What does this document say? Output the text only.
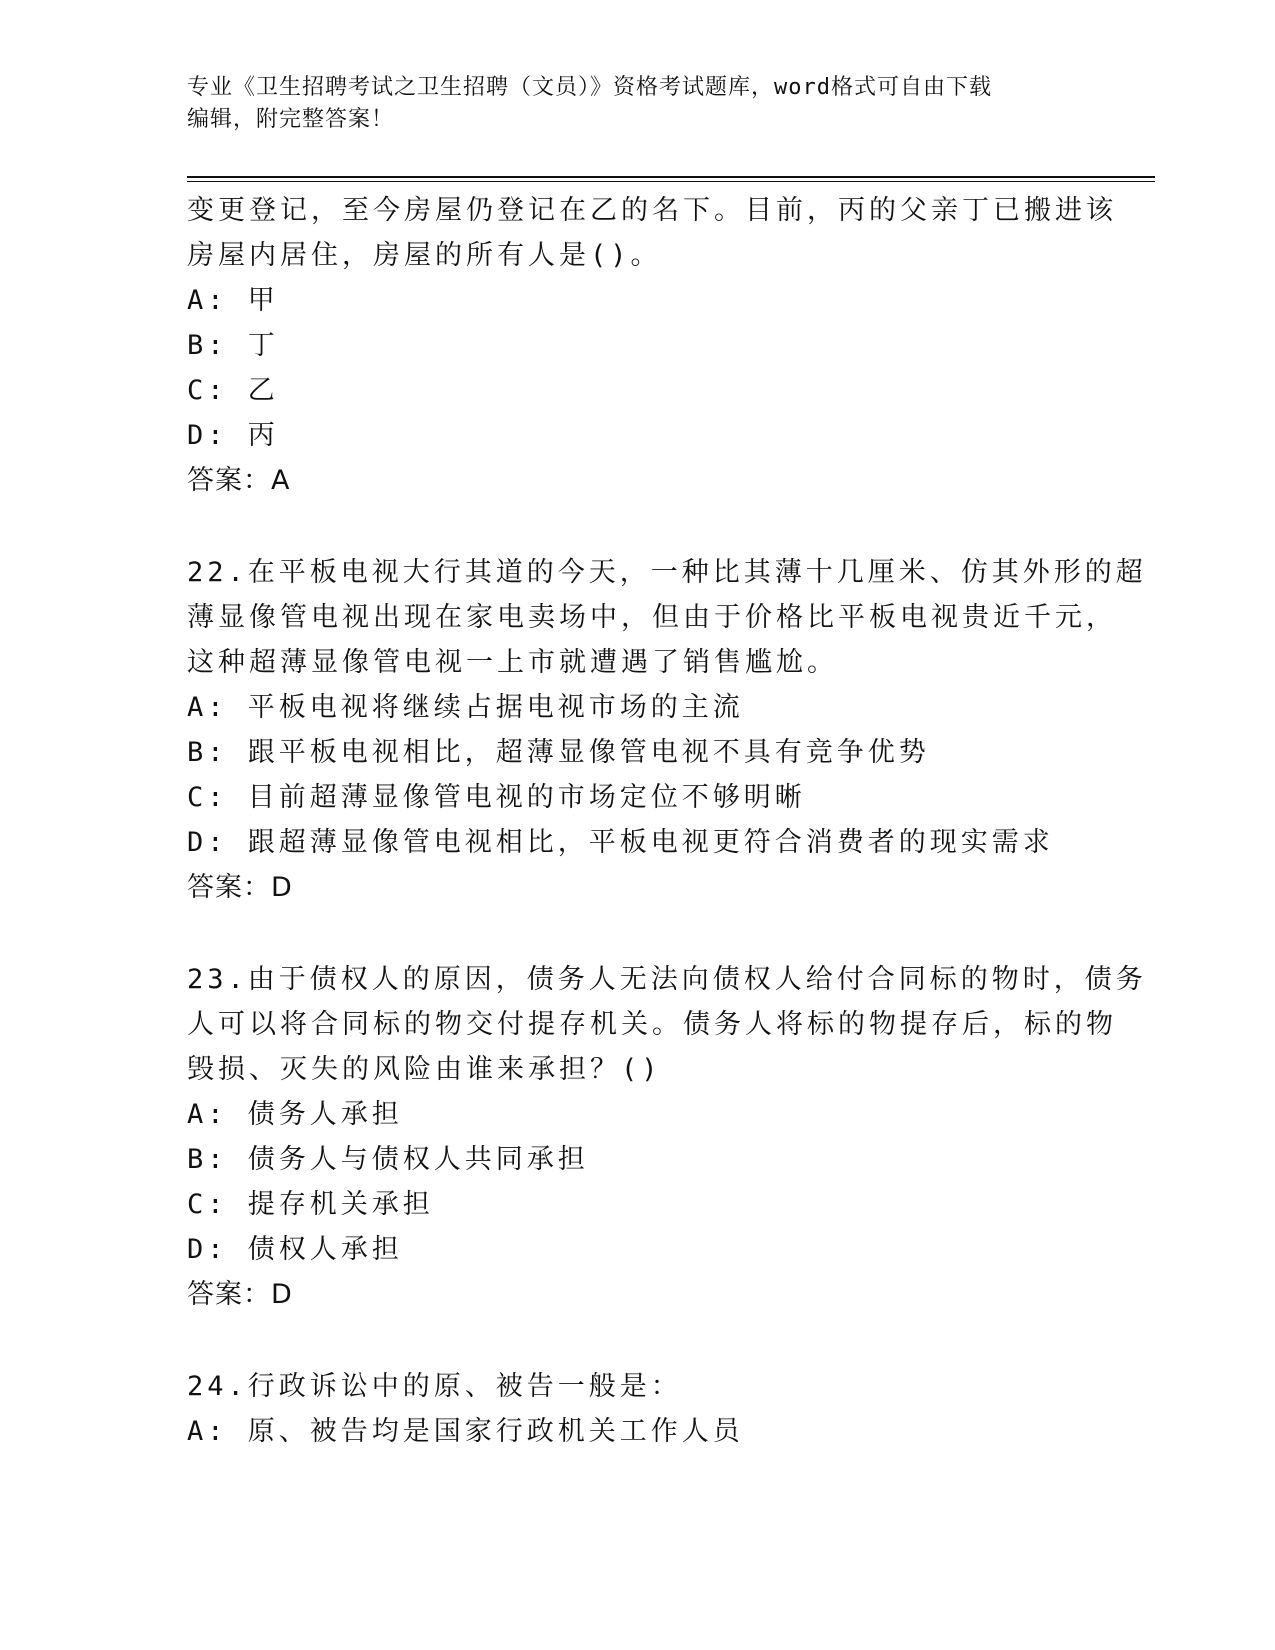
专业《卫生招聘考试之卫生招聘（文员）》资格考试题库，word格式可自由下载
编辑，附完整答案！
变更登记，至今房屋仍登记在乙的名下。目前，丙的父亲丁已搬进该
房屋内居住，房屋的所有人是()。
A: 甲
B: 丁
C: 乙
D: 丙
答案：A
22.在平板电视大行其道的今天，一种比其薄十几厘米、仿其外形的超
薄显像管电视出现在家电卖场中，但由于价格比平板电视贵近千元，
这种超薄显像管电视一上市就遭遇了销售尴尬。
A: 平板电视将继续占据电视市场的主流
B: 跟平板电视相比，超薄显像管电视不具有竞争优势
C: 目前超薄显像管电视的市场定位不够明晰
D: 跟超薄显像管电视相比，平板电视更符合消费者的现实需求
答案：D
23.由于债权人的原因，债务人无法向债权人给付合同标的物时，债务
人可以将合同标的物交付提存机关。债务人将标的物提存后，标的物
毁损、灭失的风险由谁来承担？()
A: 债务人承担
B: 债务人与债权人共同承担
C: 提存机关承担
D: 债权人承担
答案：D
24.行政诉讼中的原、被告一般是：
A: 原、被告均是国家行政机关工作人员
